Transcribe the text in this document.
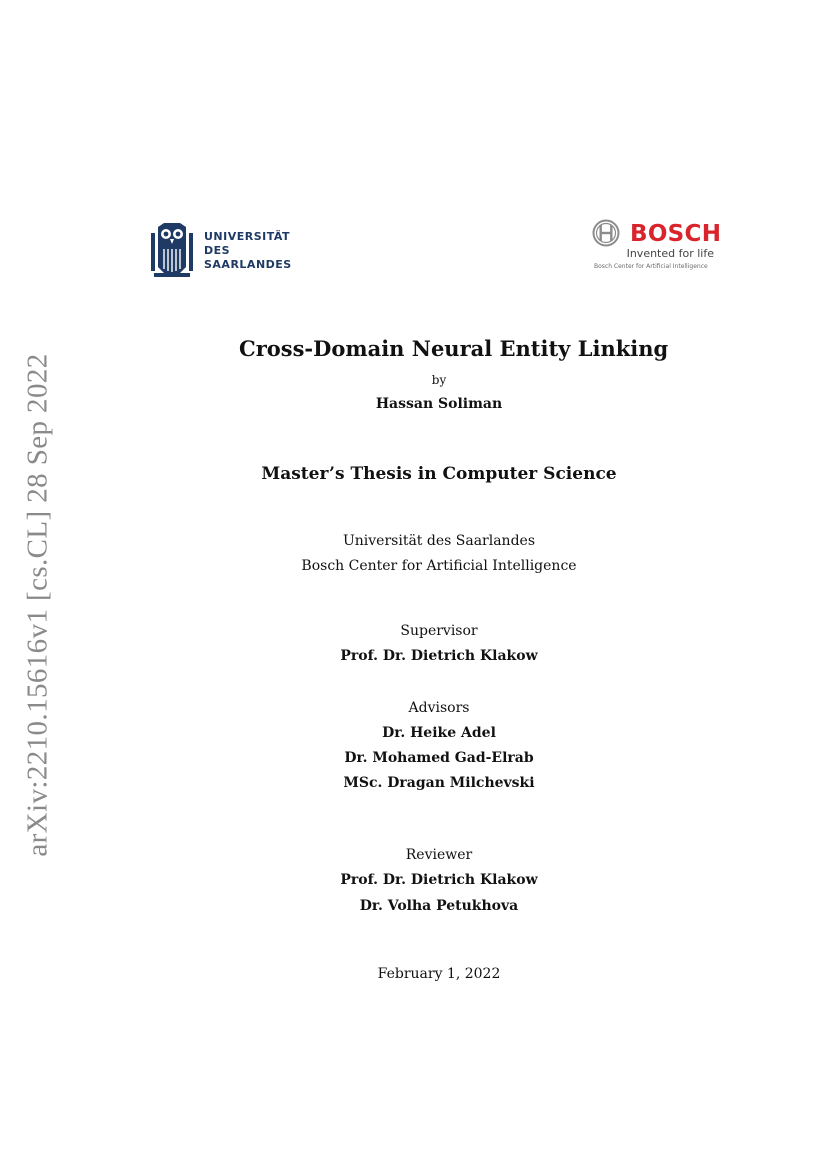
arXiv:2210.15616v1 [cs.CL] 28 Sep 2022
UNIVERSITÄT
DES
SAARLANDES
BOSCH
Invented for life
Bosch Center for Artificial Intelligence
Cross-Domain Neural Entity Linking
by
Hassan Soliman
Master’s Thesis in Computer Science
Universität des Saarlandes
Bosch Center for Artificial Intelligence
Supervisor
Prof. Dr. Dietrich Klakow
Advisors
Dr. Heike Adel
Dr. Mohamed Gad-Elrab
MSc. Dragan Milchevski
Reviewer
Prof. Dr. Dietrich Klakow
Dr. Volha Petukhova
February 1, 2022
